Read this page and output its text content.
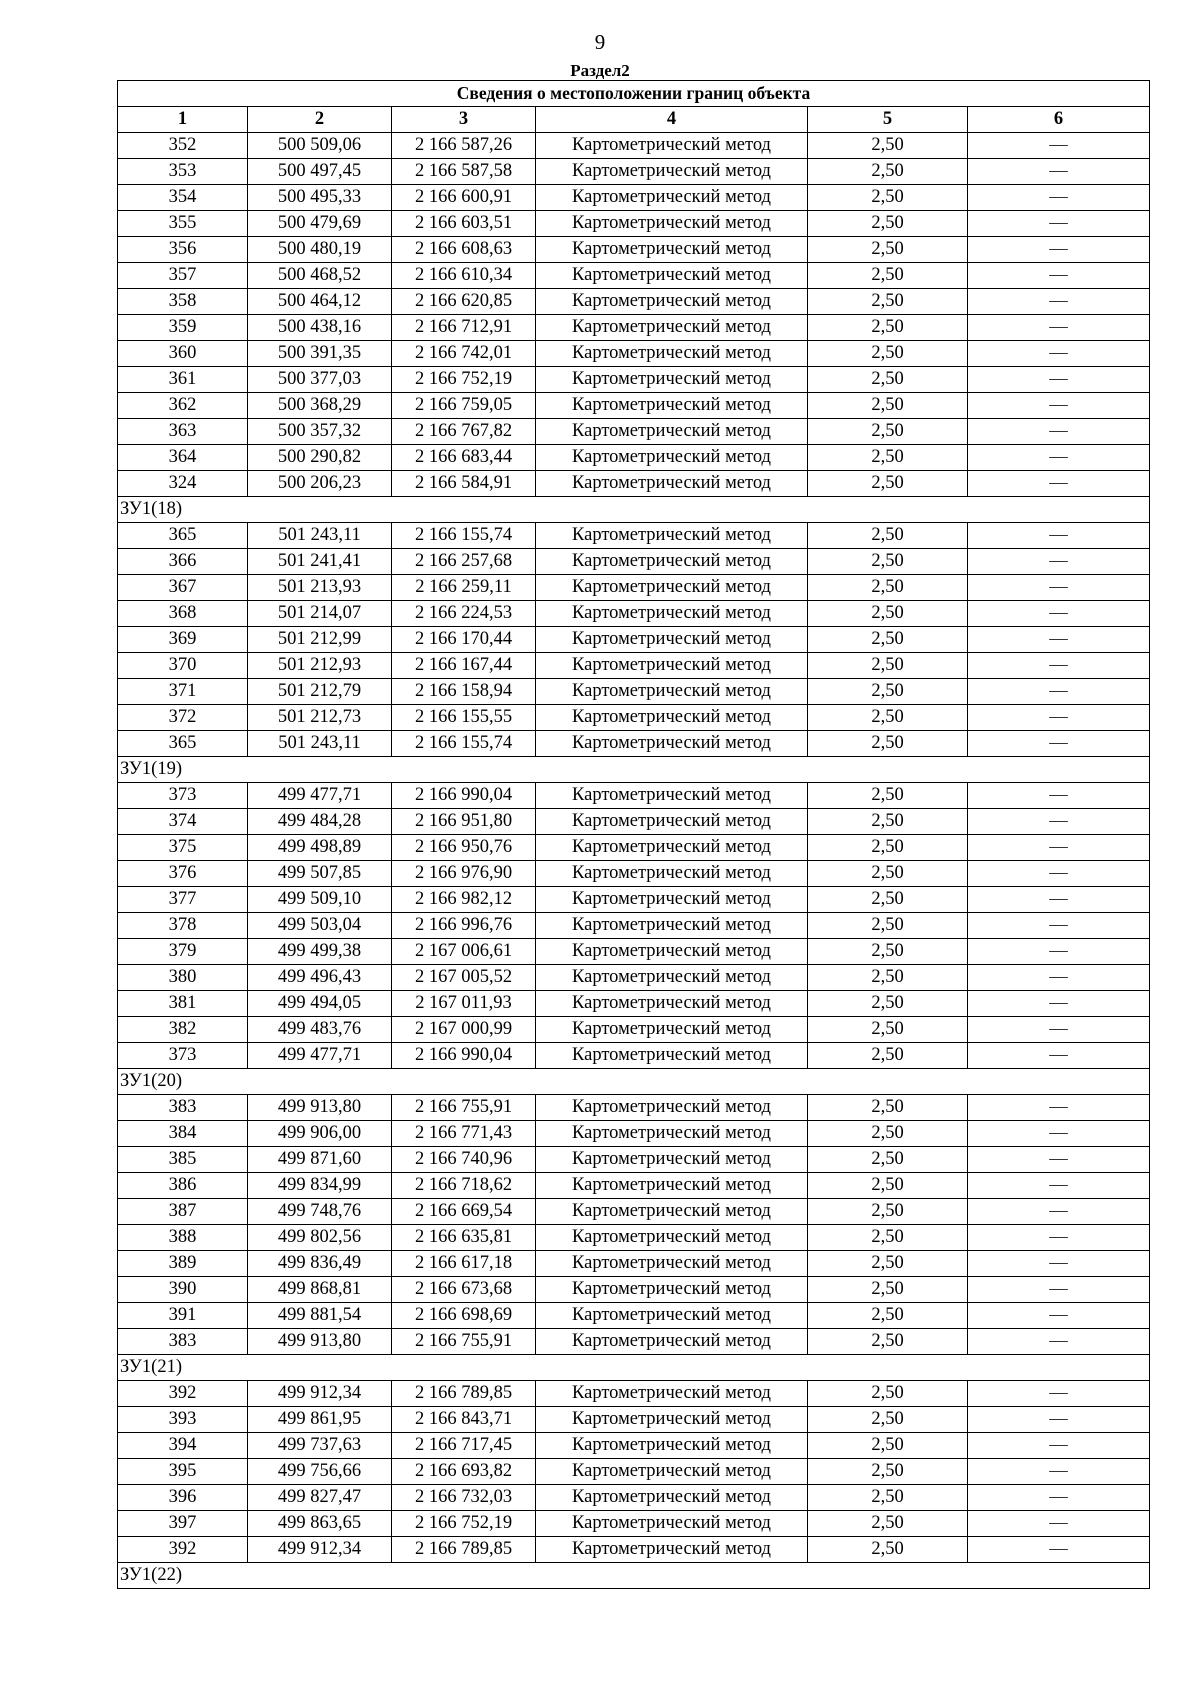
9
Раздел2
Сведения о местоположении границ объекта					
1	2	3	4	5	6
352	500 509,06	2 166 587,26	Картометрический метод	2,50	—
353	500 497,45	2 166 587,58	Картометрический метод	2,50	—
354	500 495,33	2 166 600,91	Картометрический метод	2,50	—
355	500 479,69	2 166 603,51	Картометрический метод	2,50	—
356	500 480,19	2 166 608,63	Картометрический метод	2,50	—
357	500 468,52	2 166 610,34	Картометрический метод	2,50	—
358	500 464,12	2 166 620,85	Картометрический метод	2,50	—
359	500 438,16	2 166 712,91	Картометрический метод	2,50	—
360	500 391,35	2 166 742,01	Картометрический метод	2,50	—
361	500 377,03	2 166 752,19	Картометрический метод	2,50	—
362	500 368,29	2 166 759,05	Картометрический метод	2,50	—
363	500 357,32	2 166 767,82	Картометрический метод	2,50	—
364	500 290,82	2 166 683,44	Картометрический метод	2,50	—
324	500 206,23	2 166 584,91	Картометрический метод	2,50	—
ЗУ1(18)					
365	501 243,11	2 166 155,74	Картометрический метод	2,50	—
366	501 241,41	2 166 257,68	Картометрический метод	2,50	—
367	501 213,93	2 166 259,11	Картометрический метод	2,50	—
368	501 214,07	2 166 224,53	Картометрический метод	2,50	—
369	501 212,99	2 166 170,44	Картометрический метод	2,50	—
370	501 212,93	2 166 167,44	Картометрический метод	2,50	—
371	501 212,79	2 166 158,94	Картометрический метод	2,50	—
372	501 212,73	2 166 155,55	Картометрический метод	2,50	—
365	501 243,11	2 166 155,74	Картометрический метод	2,50	—
ЗУ1(19)					
373	499 477,71	2 166 990,04	Картометрический метод	2,50	—
374	499 484,28	2 166 951,80	Картометрический метод	2,50	—
375	499 498,89	2 166 950,76	Картометрический метод	2,50	—
376	499 507,85	2 166 976,90	Картометрический метод	2,50	—
377	499 509,10	2 166 982,12	Картометрический метод	2,50	—
378	499 503,04	2 166 996,76	Картометрический метод	2,50	—
379	499 499,38	2 167 006,61	Картометрический метод	2,50	—
380	499 496,43	2 167 005,52	Картометрический метод	2,50	—
381	499 494,05	2 167 011,93	Картометрический метод	2,50	—
382	499 483,76	2 167 000,99	Картометрический метод	2,50	—
373	499 477,71	2 166 990,04	Картометрический метод	2,50	—
ЗУ1(20)					
383	499 913,80	2 166 755,91	Картометрический метод	2,50	—
384	499 906,00	2 166 771,43	Картометрический метод	2,50	—
385	499 871,60	2 166 740,96	Картометрический метод	2,50	—
386	499 834,99	2 166 718,62	Картометрический метод	2,50	—
387	499 748,76	2 166 669,54	Картометрический метод	2,50	—
388	499 802,56	2 166 635,81	Картометрический метод	2,50	—
389	499 836,49	2 166 617,18	Картометрический метод	2,50	—
390	499 868,81	2 166 673,68	Картометрический метод	2,50	—
391	499 881,54	2 166 698,69	Картометрический метод	2,50	—
383	499 913,80	2 166 755,91	Картометрический метод	2,50	—
ЗУ1(21)					
392	499 912,34	2 166 789,85	Картометрический метод	2,50	—
393	499 861,95	2 166 843,71	Картометрический метод	2,50	—
394	499 737,63	2 166 717,45	Картометрический метод	2,50	—
395	499 756,66	2 166 693,82	Картометрический метод	2,50	—
396	499 827,47	2 166 732,03	Картометрический метод	2,50	—
397	499 863,65	2 166 752,19	Картометрический метод	2,50	—
392	499 912,34	2 166 789,85	Картометрический метод	2,50	—
ЗУ1(22)					
